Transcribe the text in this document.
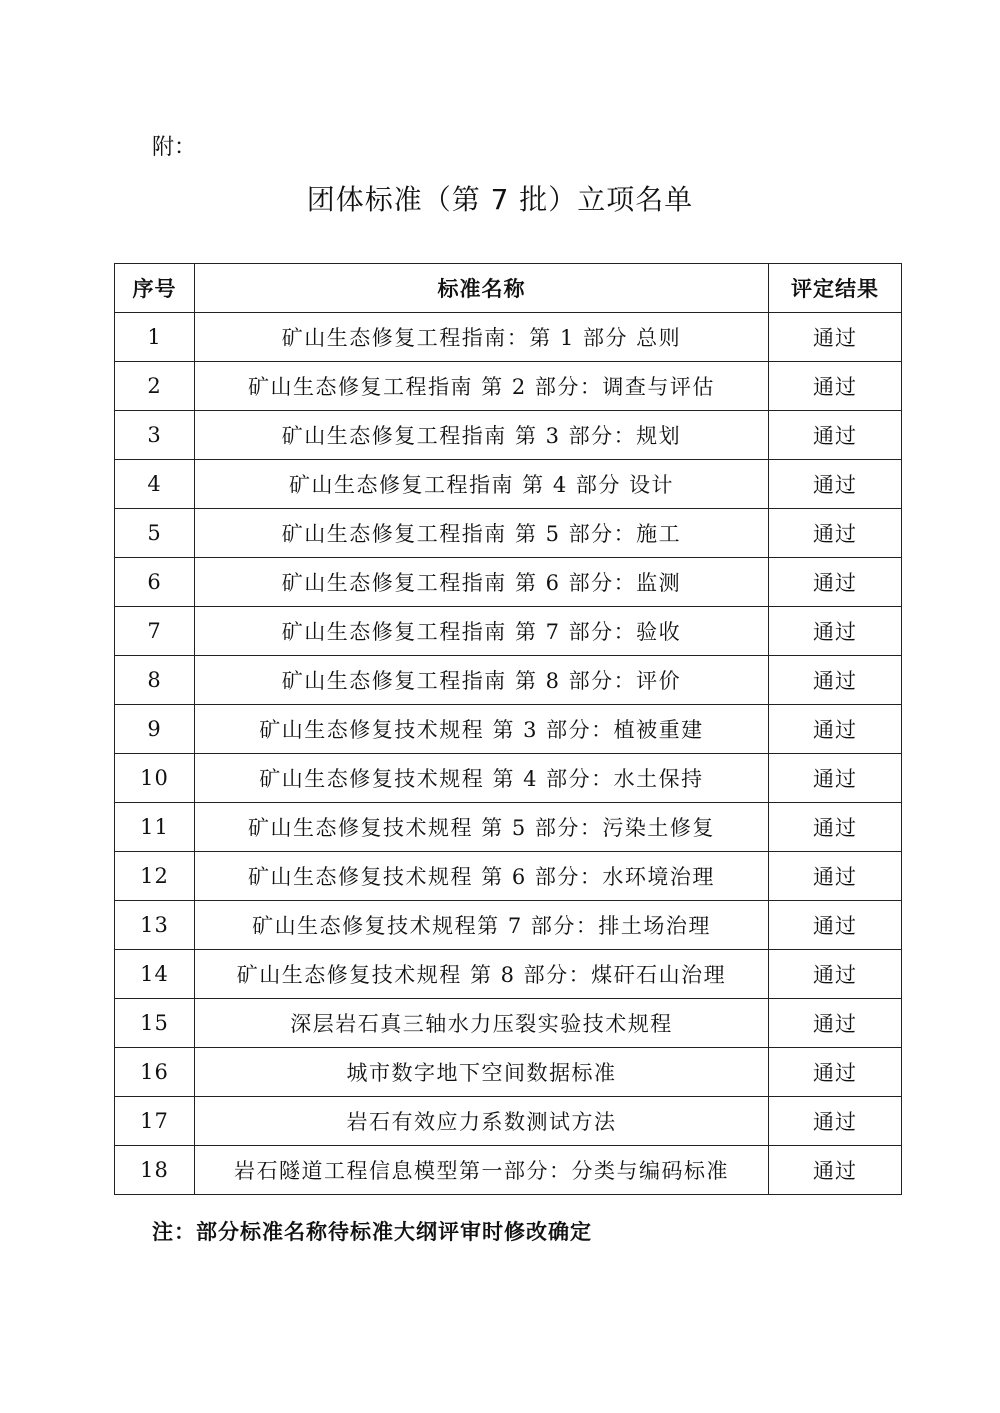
附：
团体标准（第 7 批）立项名单
序号	标准名称	评定结果
1	矿山生态修复工程指南：第 1 部分 总则	通过
2	矿山生态修复工程指南 第 2 部分：调查与评估	通过
3	矿山生态修复工程指南 第 3 部分：规划	通过
4	矿山生态修复工程指南 第 4 部分 设计	通过
5	矿山生态修复工程指南 第 5 部分：施工	通过
6	矿山生态修复工程指南 第 6 部分：监测	通过
7	矿山生态修复工程指南 第 7 部分：验收	通过
8	矿山生态修复工程指南 第 8 部分：评价	通过
9	矿山生态修复技术规程 第 3 部分：植被重建	通过
10	矿山生态修复技术规程 第 4 部分：水土保持	通过
11	矿山生态修复技术规程 第 5 部分：污染土修复	通过
12	矿山生态修复技术规程 第 6 部分：水环境治理	通过
13	矿山生态修复技术规程第 7 部分：排土场治理	通过
14	矿山生态修复技术规程 第 8 部分：煤矸石山治理	通过
15	深层岩石真三轴水力压裂实验技术规程	通过
16	城市数字地下空间数据标准	通过
17	岩石有效应力系数测试方法	通过
18	岩石隧道工程信息模型第一部分：分类与编码标准	通过
注：部分标准名称待标准大纲评审时修改确定
